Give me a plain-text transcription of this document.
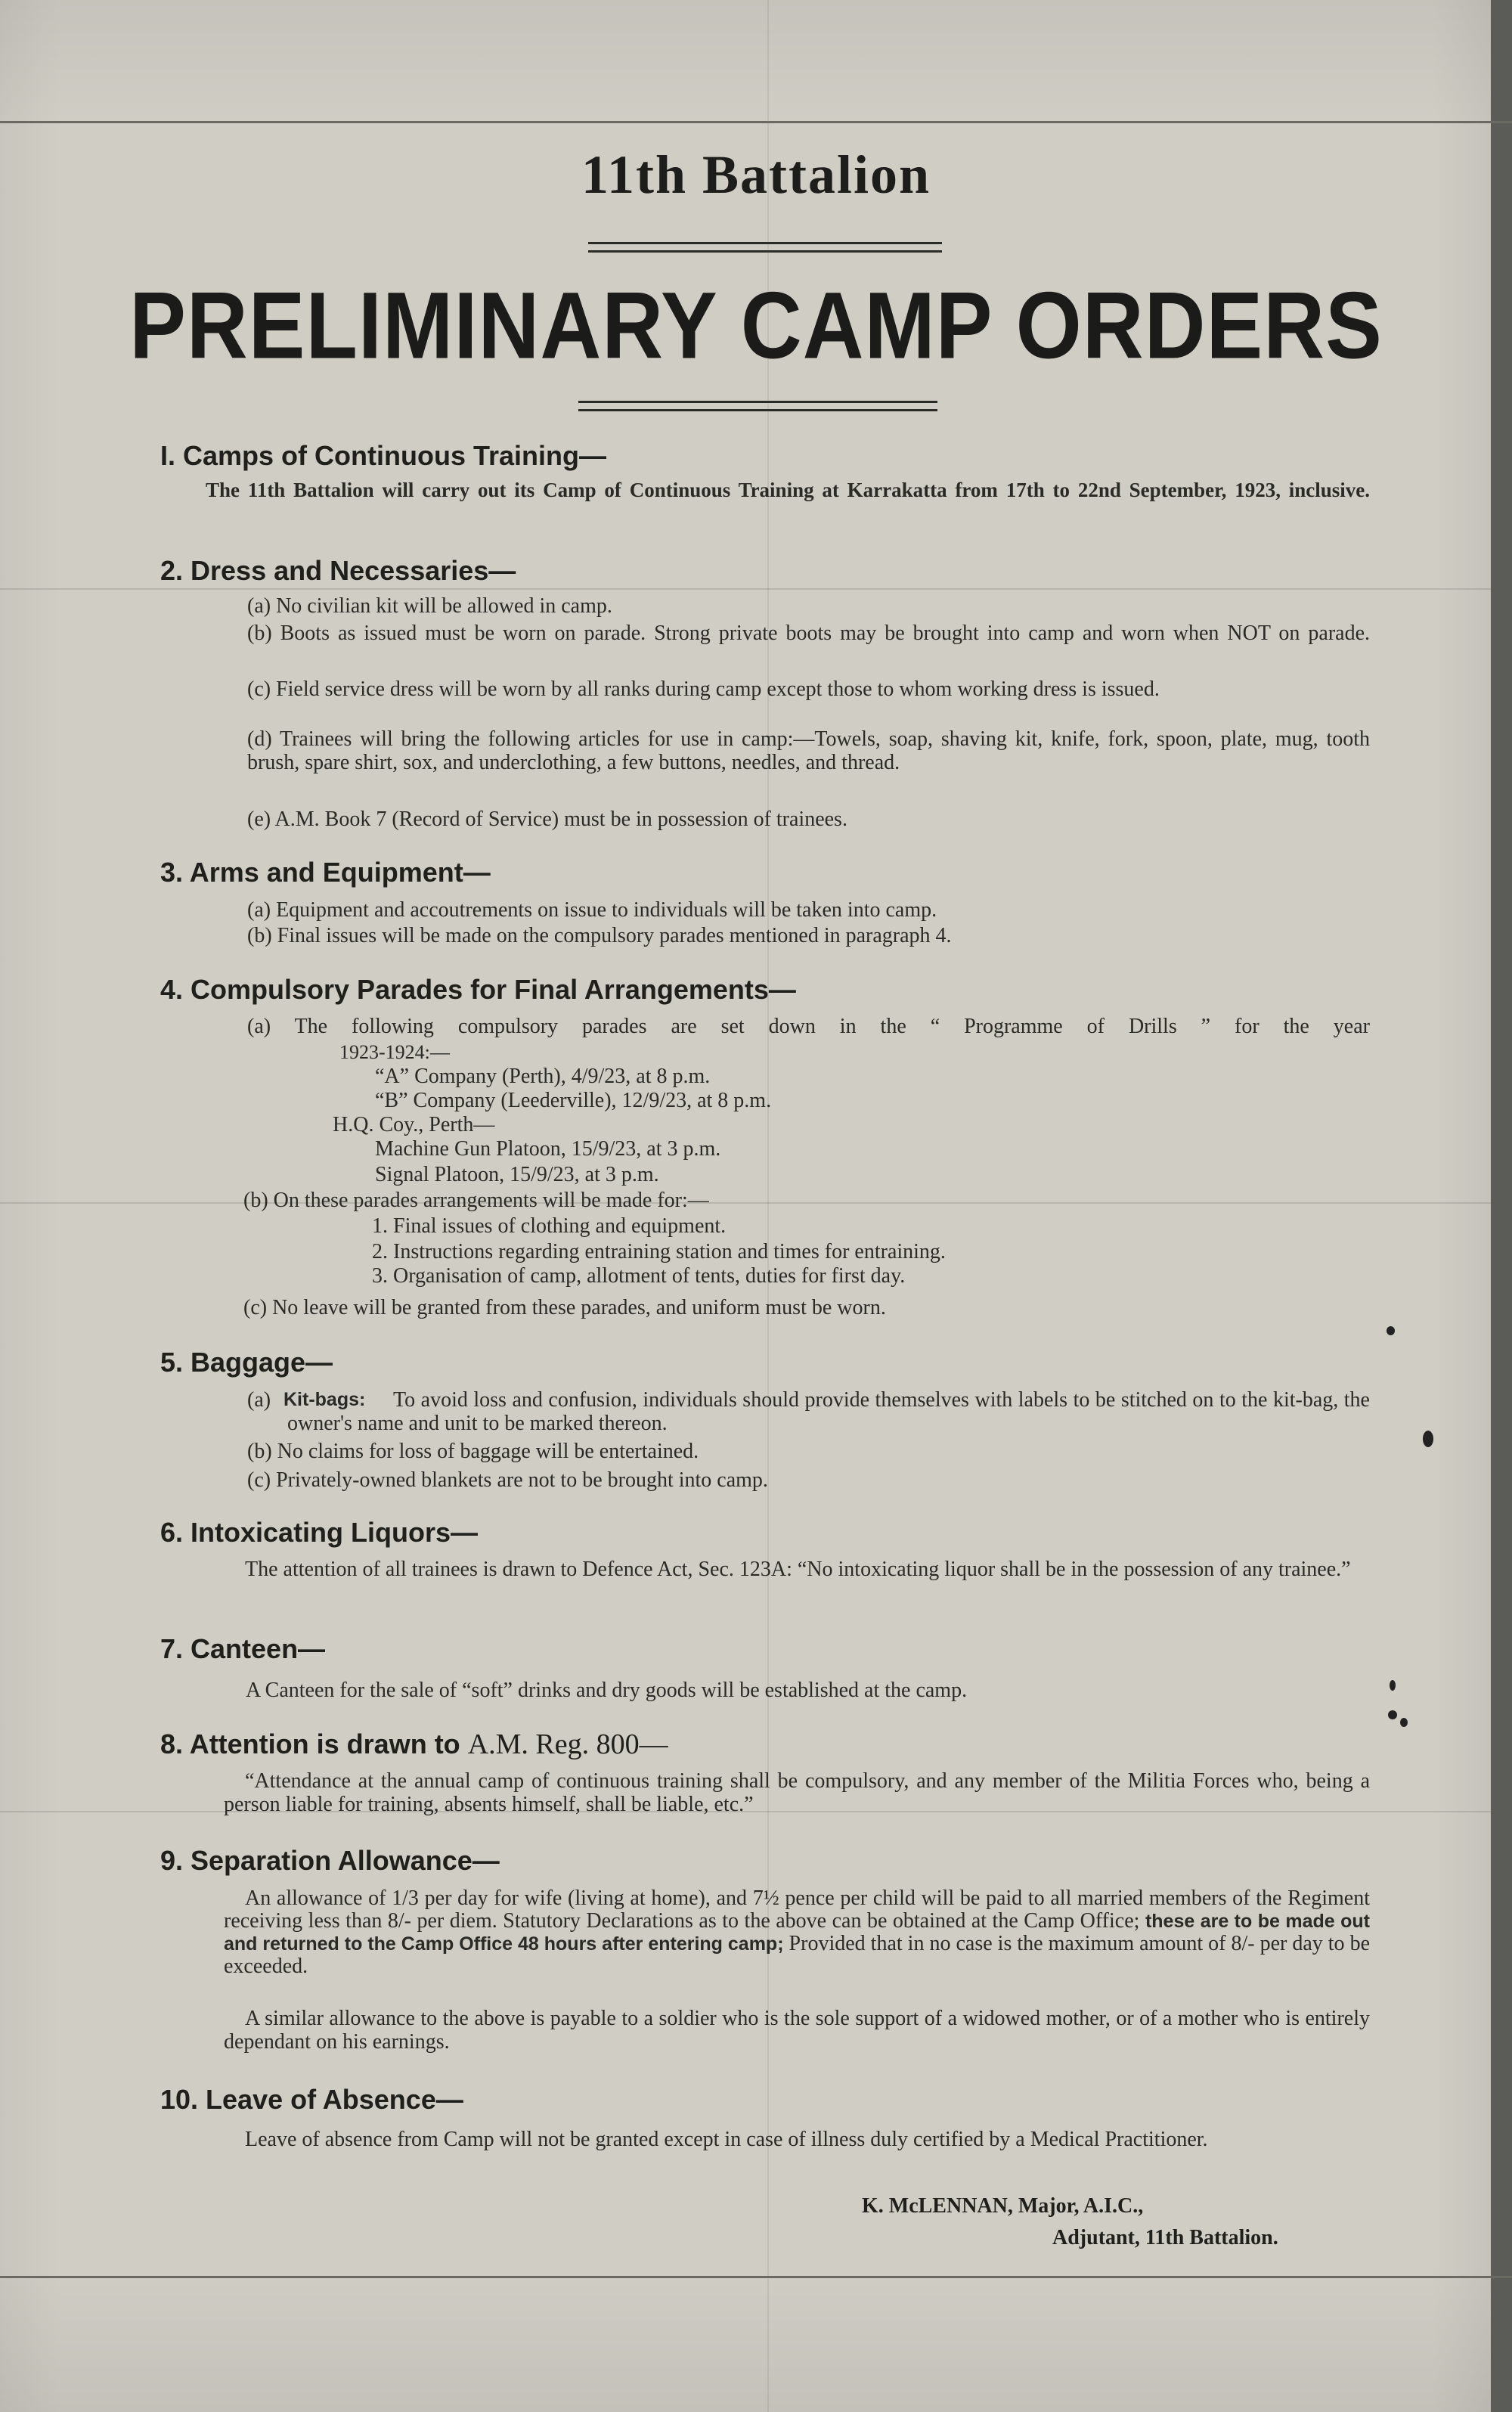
11th Battalion
PRELIMINARY CAMP ORDERS
I. Camps of Continuous Training—
The 11th Battalion will carry out its Camp of Continuous Training at Karrakatta from 17th to 22nd September, 1923, inclusive.
2. Dress and Necessaries—
(a) No civilian kit will be allowed in camp.
(b) Boots as issued must be worn on parade. Strong private boots may be brought into camp and worn when NOT on parade.
(c) Field service dress will be worn by all ranks during camp except those to whom working dress is issued.
(d) Trainees will bring the following articles for use in camp:—Towels, soap, shaving kit, knife, fork, spoon, plate, mug, tooth brush, spare shirt, sox, and underclothing, a few buttons, needles, and thread.
(e) A.M. Book 7 (Record of Service) must be in possession of trainees.
3. Arms and Equipment—
(a) Equipment and accoutrements on issue to individuals will be taken into camp.
(b) Final issues will be made on the compulsory parades mentioned in paragraph 4.
4. Compulsory Parades for Final Arrangements—
(a) The following compulsory parades are set down in the “ Programme of Drills ” for the year
1923-1924:—
“A” Company (Perth), 4/9/23, at 8 p.m.
“B” Company (Leederville), 12/9/23, at 8 p.m.
H.Q. Coy., Perth—
Machine Gun Platoon, 15/9/23, at 3 p.m.
Signal Platoon, 15/9/23, at 3 p.m.
(b) On these parades arrangements will be made for:—
1. Final issues of clothing and equipment.
2. Instructions regarding entraining station and times for entraining.
3. Organisation of camp, allotment of tents, duties for first day.
(c) No leave will be granted from these parades, and uniform must be worn.
5. Baggage—
(a) Kit-bags:	To avoid loss and confusion, individuals should provide themselves with labels to be stitched on to the kit-bag, the owner's name and unit to be marked thereon.
(b) No claims for loss of baggage will be entertained.
(c) Privately-owned blankets are not to be brought into camp.
6. Intoxicating Liquors—
The attention of all trainees is drawn to Defence Act, Sec. 123A: “No intoxicating liquor shall be in the possession of any trainee.”
7. Canteen—
A Canteen for the sale of “soft” drinks and dry goods will be established at the camp.
8. Attention is drawn to A.M. Reg. 800—
“Attendance at the annual camp of continuous training shall be compulsory, and any member of the Militia Forces who, being a person liable for training, absents himself, shall be liable, etc.”
9. Separation Allowance—
An allowance of 1/3 per day for wife (living at home), and 7½ pence per child will be paid to all married members of the Regiment receiving less than 8/- per diem. Statutory Declarations as to the above can be obtained at the Camp Office; these are to be made out and returned to the Camp Office 48 hours after entering camp; Provided that in no case is the maximum amount of 8/- per day to be exceeded.
A similar allowance to the above is payable to a soldier who is the sole support of a widowed mother, or of a mother who is entirely dependant on his earnings.
10. Leave of Absence—
Leave of absence from Camp will not be granted except in case of illness duly certified by a Medical Practitioner.
K. McLENNAN, Major, A.I.C.,
Adjutant, 11th Battalion.
